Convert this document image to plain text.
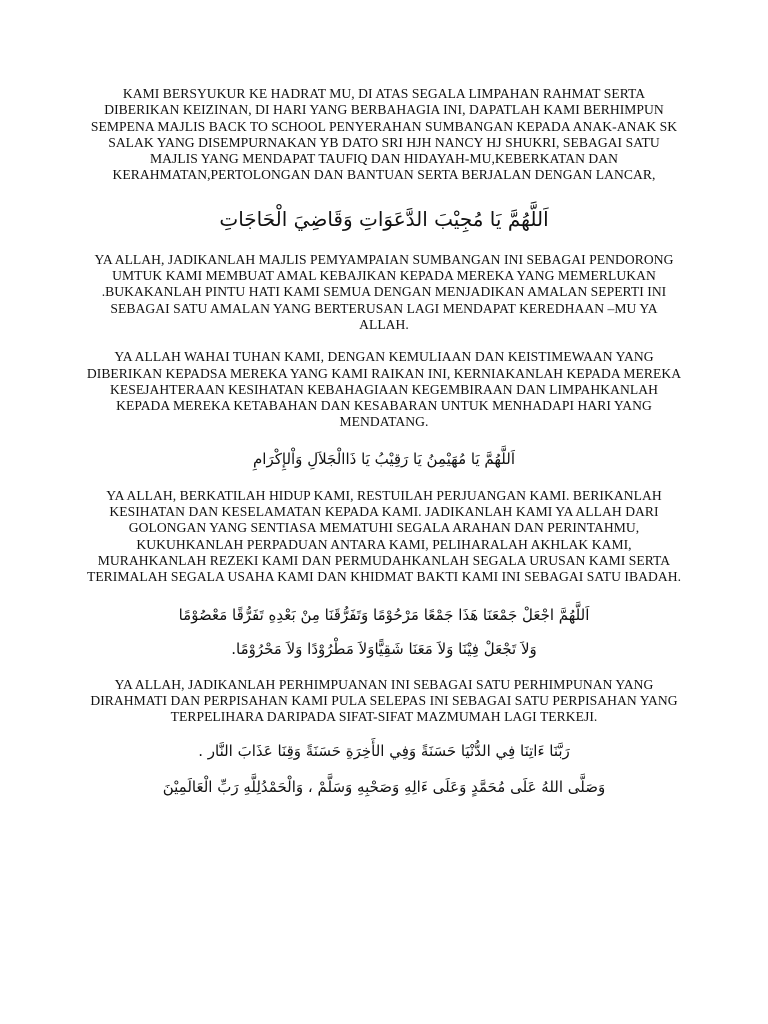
KAMI BERSYUKUR KE HADRAT MU, DI ATAS SEGALA LIMPAHAN RAHMAT SERTA DIBERIKAN KEIZINAN, DI HARI YANG BERBAHAGIA INI, DAPATLAH KAMI BERHIMPUN SEMPENA MAJLIS BACK TO SCHOOL PENYERAHAN SUMBANGAN KEPADA ANAK-ANAK SK SALAK YANG DISEMPURNAKAN YB DATO SRI HJH NANCY HJ SHUKRI, SEBAGAI SATU MAJLIS YANG MENDAPAT TAUFIQ DAN HIDAYAH-MU,KEBERKATAN DAN KERAHMATAN,PERTOLONGAN DAN BANTUAN SERTA BERJALAN DENGAN LANCAR,

اَللَّهُمَّ يَا مُجِيْبَ الدَّعَوَاتِ وَقَاضِيَ الْحَاجَاتِ

YA ALLAH, JADIKANLAH MAJLIS PEMYAMPAIAN SUMBANGAN INI SEBAGAI PENDORONG UMTUK KAMI MEMBUAT AMAL KEBAJIKAN KEPADA MEREKA YANG MEMERLUKAN .BUKAKANLAH PINTU HATI KAMI SEMUA DENGAN MENJADIKAN AMALAN SEPERTI INI SEBAGAI SATU AMALAN YANG BERTERUSAN LAGI MENDAPAT KEREDHAAN –MU YA ALLAH.

YA ALLAH WAHAI TUHAN KAMI, DENGAN KEMULIAAN DAN KEISTIMEWAAN YANG DIBERIKAN KEPADSA MEREKA YANG KAMI RAIKAN INI, KERNIAKANLAH KEPADA MEREKA KESEJAHTERAAN KESIHATAN KEBAHAGIAAN KEGEMBIRAAN DAN LIMPAHKANLAH KEPADA MEREKA KETABAHAN DAN KESABARAN UNTUK MENHADAPI HARI YANG MENDATANG.

اَللَّهُمَّ يَا مُهَيْمِنُ يَا رَقِيْبُ يَا ذَاالْجَلاَلِ وَاْلإِكْرَامِ

YA ALLAH, BERKATILAH HIDUP KAMI, RESTUILAH PERJUANGAN KAMI. BERIKANLAH KESIHATAN DAN KESELAMATAN KEPADA KAMI. JADIKANLAH KAMI YA ALLAH DARI GOLONGAN YANG SENTIASA MEMATUHI SEGALA ARAHAN DAN PERINTAHMU, KUKUHKANLAH PERPADUAN ANTARA KAMI, PELIHARALAH AKHLAK KAMI, MURAHKANLAH REZEKI KAMI DAN PERMUDAHKANLAH SEGALA URUSAN KAMI SERTA TERIMALAH SEGALA USAHA KAMI DAN KHIDMAT BAKTI KAMI INI SEBAGAI SATU IBADAH.

اَللَّهُمَّ اجْعَلْ جَمْعَنَا هَذَا جَمْعًا مَرْحُوْمًا وَتَفَرُّقَنَا مِنْ بَعْدِهِ تَفَرُّقًا مَعْصُوْمًا

وَلاَ تَجْعَلْ فِيْنَا وَلاَ مَعَنَا شَقِيًّاوَلاَ مَطْرُوْدًا وَلاَ مَحْرُوْمًا.

YA ALLAH, JADIKANLAH PERHIMPUANAN INI SEBAGAI SATU PERHIMPUNAN YANG DIRAHMATI DAN PERPISAHAN KAMI PULA SELEPAS INI SEBAGAI SATU PERPISAHAN YANG TERPELIHARA DARIPADA SIFAT-SIFAT MAZMUMAH LAGI TERKEJI.

رَبَّنَا ءَاتِنَا فِي الدُّنْيَا حَسَنَةً وَفِي الأَخِرَةِ حَسَنَةً وَقِنَا عَذَابَ النَّار .

وَصَلَّى اللهُ عَلَى مُحَمَّدٍ وَعَلَى ءَالِهِ وَصَحْبِهِ وَسَلَّمْ ، وَالْحَمْدُلِلَّهِ رَبِّ الْعَالَمِيْنَ
